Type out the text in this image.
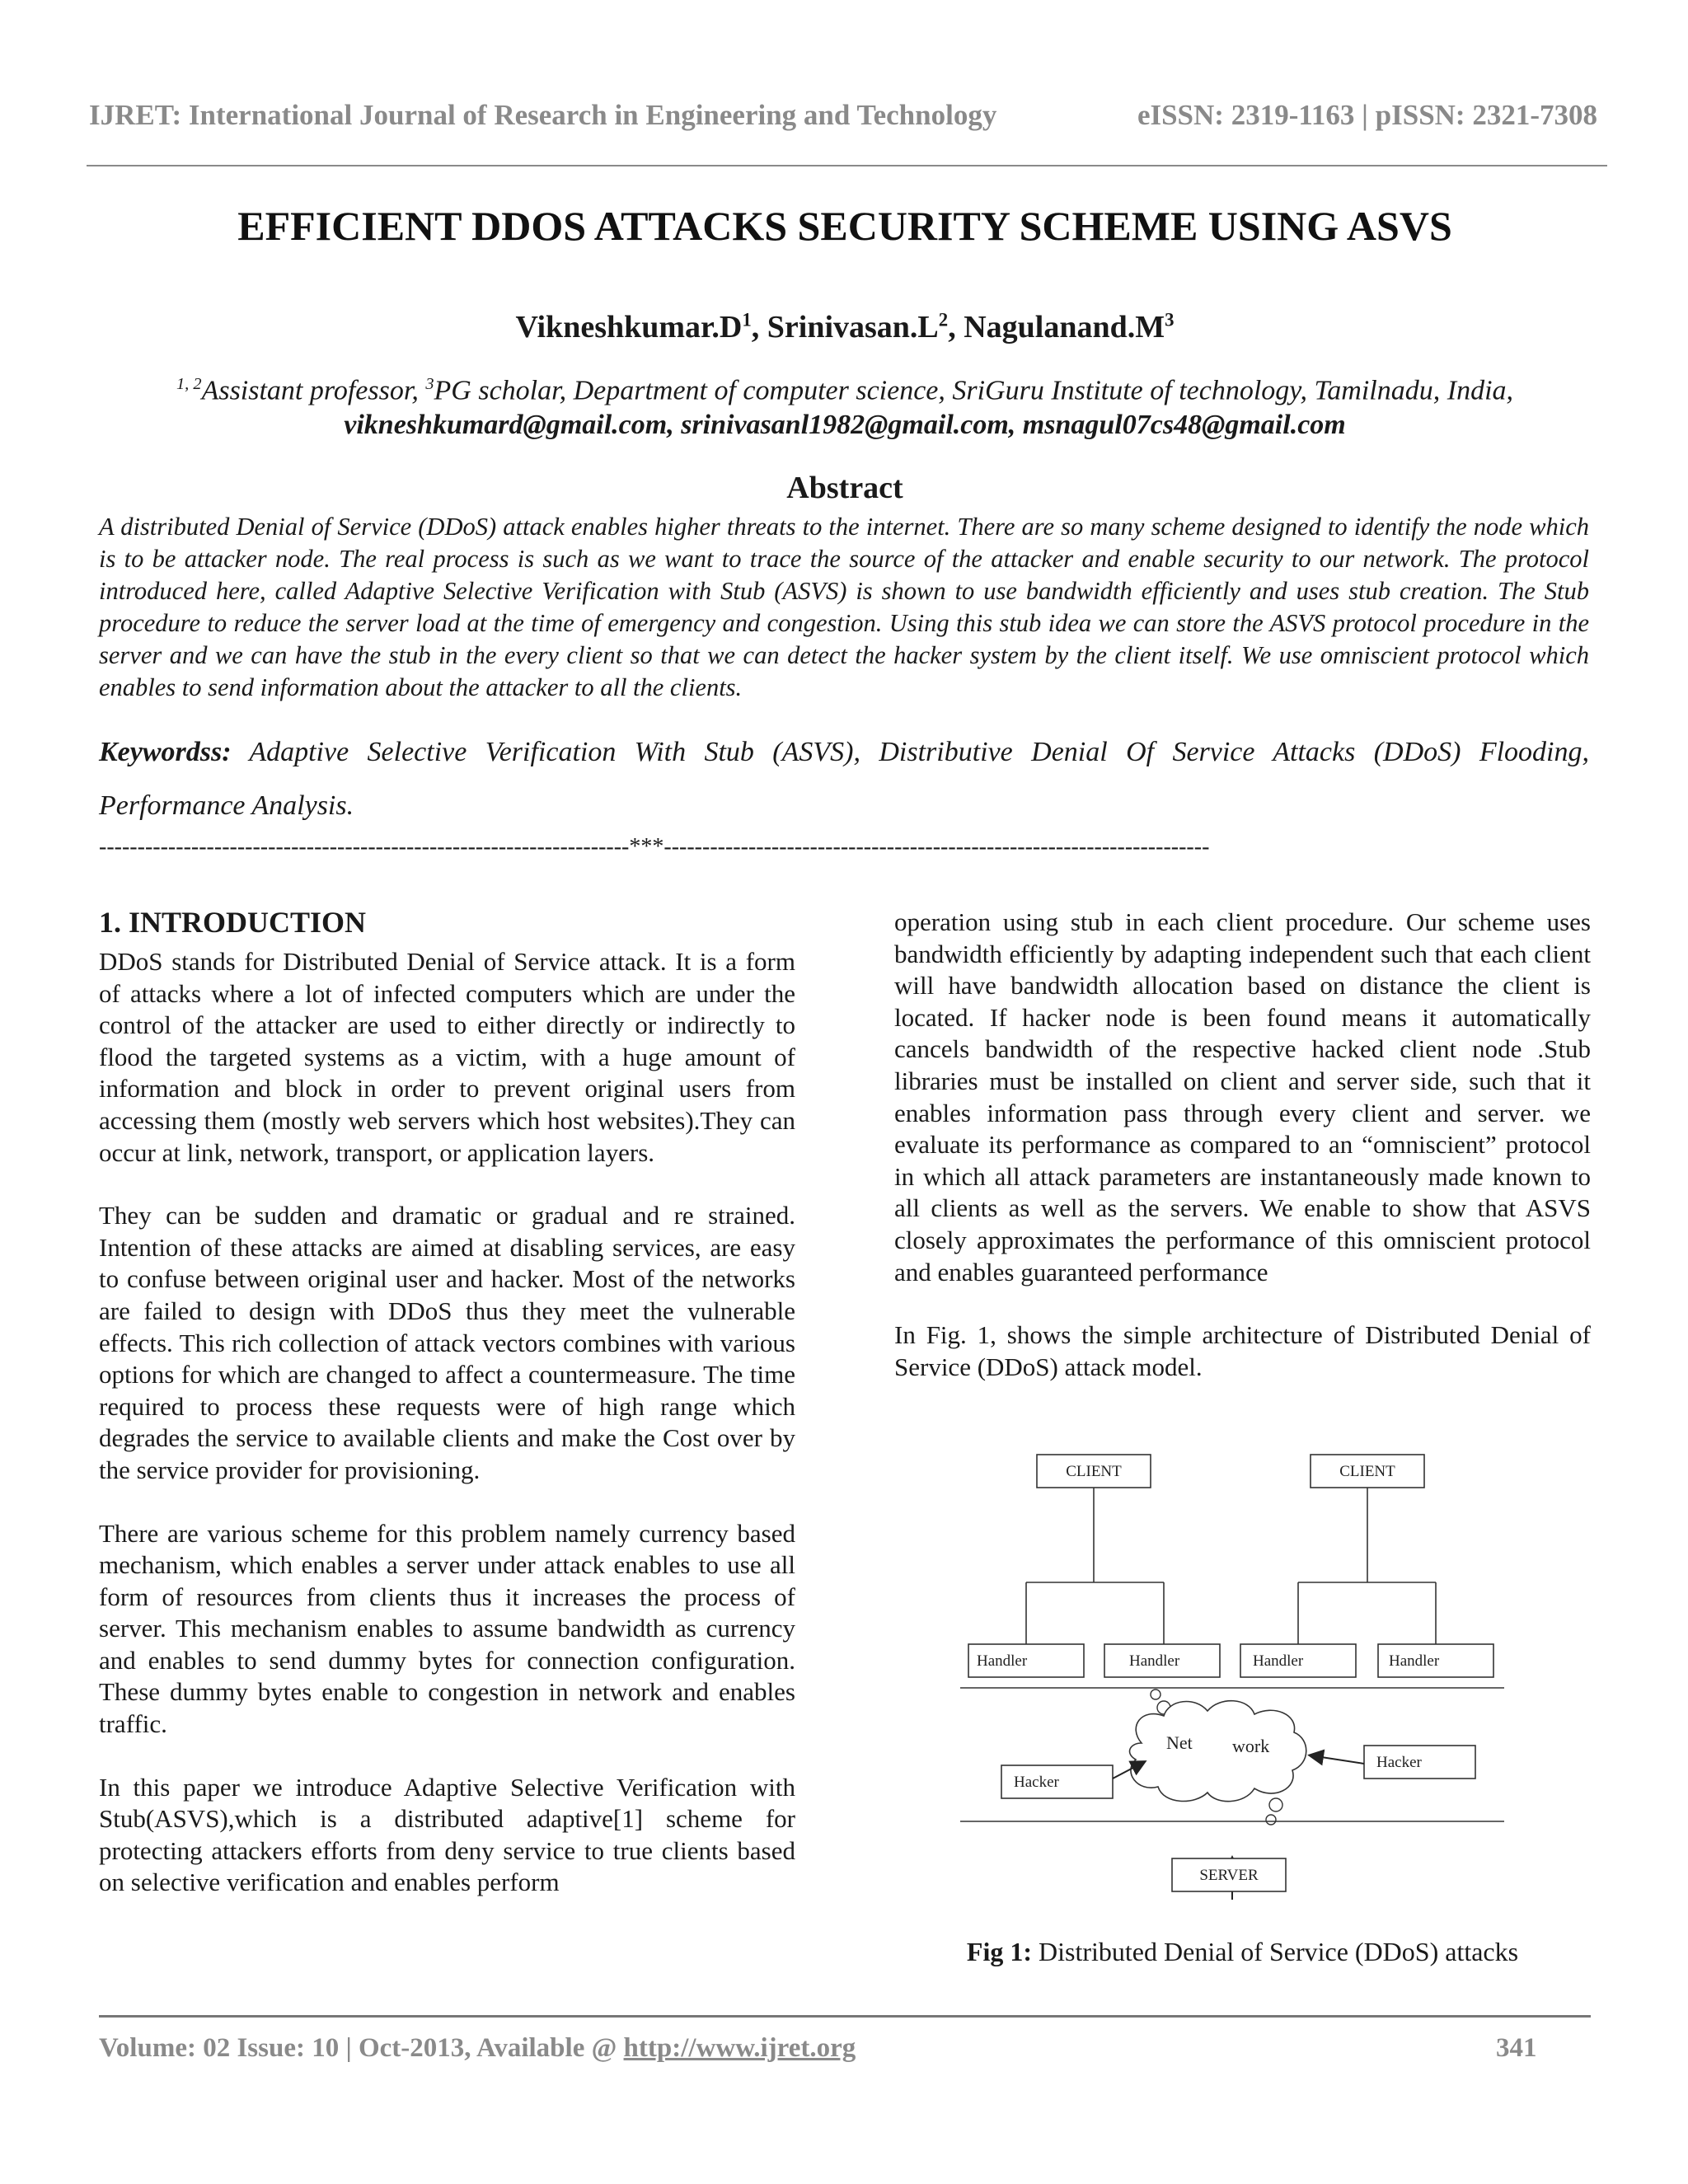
IJRET: International Journal of Research in Engineering and Technology	eISSN: 2319-1163 | pISSN: 2321-7308
EFFICIENT DDOS ATTACKS SECURITY SCHEME USING ASVS
$Vikneshkumar.D^1$, $Srinivasan.L^2$, $Nagulanand.M^3$
$^{1, 2}$Assistant professor, $^3$PG scholar, Department of computer science, SriGuru Institute of technology, Tamilnadu, India,
vikneshkumard@gmail.com, srinivasanl1982@gmail.com, msnagul07cs48@gmail.com
Abstract
A distributed Denial of Service (DDoS) attack enables higher threats to the internet. There are so many scheme designed to identify the node which is to be attacker node. The real process is such as we want to trace the source of the attacker and enable security to our network. The protocol introduced here, called Adaptive Selective Verification with Stub (ASVS) is shown to use bandwidth efficiently and uses stub creation. The Stub procedure to reduce the server load at the time of emergency and congestion. Using this stub idea we can store the ASVS protocol procedure in the server and we can have the stub in the every client so that we can detect the hacker system by the client itself. We use omniscient protocol which enables to send information about the attacker to all the clients.
Keywordss: Adaptive Selective Verification With Stub (ASVS), Distributive Denial Of Service Attacks (DDoS) Flooding, Performance Analysis.
---------------------------------------------------------------------***-----------------------------------------------------------------------
1. INTRODUCTION

DDoS stands for Distributed Denial of Service attack. It is a form of attacks where a lot of infected computers which are under the control of the attacker are used to either directly or indirectly to flood the targeted systems as a victim, with a huge amount of information and block in order to prevent original users from accessing them (mostly web servers which host websites).They can occur at link, network, transport, or application layers.

They can be sudden and dramatic or gradual and re strained. Intention of these attacks are aimed at disabling services, are easy to confuse between original user and hacker. Most of the networks are failed to design with DDoS thus they meet the vulnerable effects. This rich collection of attack vectors combines with various options for which are changed to affect a countermeasure. The time required to process these requests were of high range which degrades the service to available clients and make the Cost over by the service provider for provisioning.

There are various scheme for this problem namely currency based mechanism, which enables a server under attack enables to use all form of resources from clients thus it increases the process of server. This mechanism enables to assume bandwidth as currency and enables to send dummy bytes for connection configuration. These dummy bytes enable to congestion in network and enables traffic.

In this paper we introduce Adaptive Selective Verification with Stub(ASVS),which is a distributed adaptive[1] scheme for protecting attackers efforts from deny service to true clients based on selective verification and enables perform

operation using stub in each client procedure. Our scheme uses bandwidth efficiently by adapting independent such that each client will have bandwidth allocation based on distance the client is located. If hacker node is been found means it automatically cancels bandwidth of the respective hacked client node .Stub libraries must be installed on client and server side, such that it enables information pass through every client and server. we evaluate its performance as compared to an “omniscient” protocol in which all attack parameters are instantaneously made known to all clients as well as the servers. We enable to show that ASVS closely approximates the performance of this omniscient protocol and enables guaranteed performance

In Fig. 1, shows the simple architecture of Distributed Denial of Service (DDoS) attack model.

CLIENT	CLIENT
Handler	Handler	Handler	Handler
Net work
Hacker
Hacker
SERVER
Fig 1: Distributed Denial of Service (DDoS) attacks
Volume: 02 Issue: 10 | Oct-2013, Available @ http://www.ijret.org	341
